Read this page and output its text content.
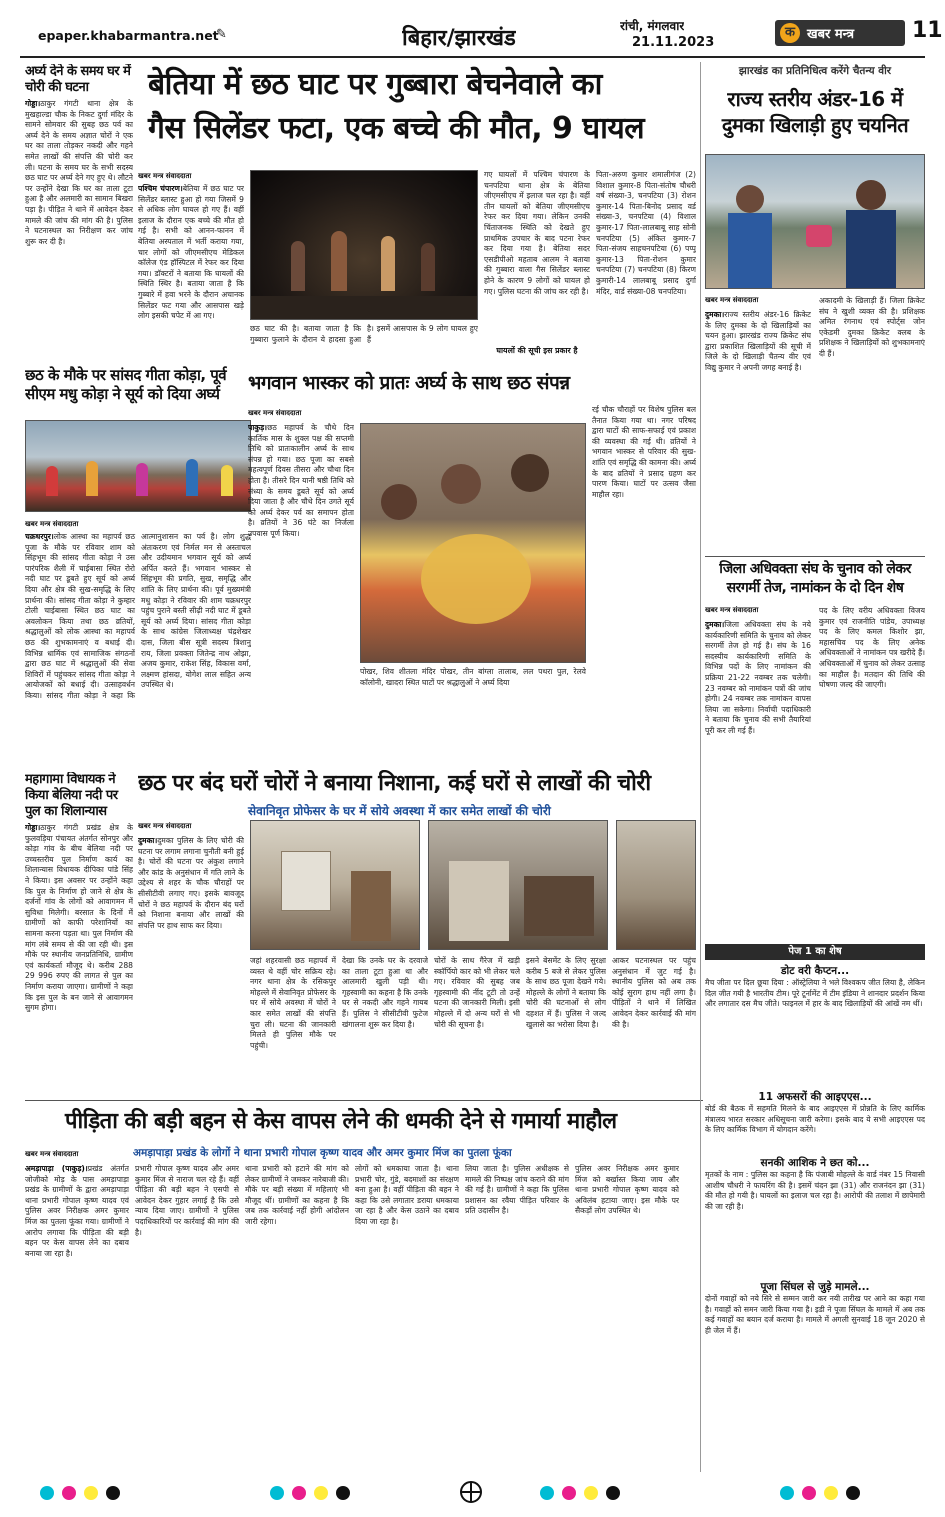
epaper.khabarmantra.net
✎	बिहार/झारखंड	रांची, मंगलवार
21.11.2023
क खबर मन्त्र	11
अर्घ्य देने के समय घर में चोरी की घटना
गोड्डा।ठाकुर गंगटी थाना क्षेत्र के मुखहाल्डा चौक के निकट दुर्गा मंदिर के सामने सोमवार की सुबह छठ पर्व का अर्घ्य देने के समय अज्ञात चोरों ने एक घर का ताला तोड़कर नकदी और गहने समेत लाखों की संपत्ति की चोरी कर ली। घटना के समय घर के सभी सदस्य छठ घाट पर अर्घ्य देने गए हुए थे। लौटने पर उन्होंने देखा कि घर का ताला टूटा हुआ है और अलमारी का सामान बिखरा पड़ा है। पीड़ित ने थाने में आवेदन देकर मामले की जांच की मांग की है। पुलिस ने घटनास्थल का निरीक्षण कर जांच शुरू कर दी है।
छठ के मौके पर सांसद गीता कोड़ा, पूर्व सीएम मधु कोड़ा ने सूर्य को दिया अर्घ्य
खबर मन्त्र संवाददाता
चक्रधरपुर।लोक आस्था का महापर्व छठ पूजा के मौके पर रविवार शाम को सिंहभूम की सांसद गीता कोड़ा ने उस पारंपरिक शैली में चाईबासा स्थित रोरो नदी घाट पर डूबते हुए सूर्य को अर्घ्य दिया और क्षेत्र की सुख-समृद्धि के लिए प्रार्थना की। सांसद गीता कोड़ा ने कुम्हार टोली चाईबासा स्थित छठ घाट का अवलोकन किया तथा छठ व्रतियों, श्रद्धालुओं को लोक आस्था का महापर्व छठ की शुभकामनाएं व बधाई दी। विभिन्न धार्मिक एवं सामाजिक संगठनों द्वारा छठ घाट में श्रद्धालुओं की सेवा शिविरों में पहुंचकर सांसद गीता कोड़ा ने आयोजकों को बधाई दी। उत्साहवर्धन किया। सांसद गीता कोड़ा ने कहा कि आत्मानुशासन का पर्व है। लोग शुद्ध अंतःकरण एवं निर्मल मन से अस्ताचल और उदीयमान भगवान सूर्य को अर्घ्य अर्पित करते हैं। भगवान भास्कर से सिंहभूम की प्रगति, सुख, समृद्धि और शांति के लिए प्रार्थना की। पूर्व मुख्यमंत्री मधु कोड़ा ने रविवार की शाम चक्रधरपुर पहुंच पुराने बस्ती सीढ़ी नदी घाट में डूबते सूर्य को अर्घ्य दिया। सांसद गीता कोड़ा के साथ कांग्रेस जिलाध्यक्ष चंद्रशेखर दास, जिला बीस सूत्री सदस्य त्रिशानु राय, जिला प्रवक्ता जितेन्द्र नाथ ओझा, अजय कुमार, राकेश सिंह, विकास वर्मा, लक्ष्मण हांसदा, योगेश लाल सहित अन्य उपस्थित थे।
महागामा विधायक ने किया बेलिया नदी पर पुल का शिलान्यास
गोड्डा।ठाकुर गंगटी प्रखंड क्षेत्र के फुलवड़िया पंचायत अंतर्गत सोनपुर और कोड़ा गांव के बीच बेलिया नदी पर उच्चस्तरीय पुल निर्माण कार्य का शिलान्यास विधायक दीपिका पांडे सिंह ने किया। इस अवसर पर उन्होंने कहा कि पुल के निर्माण हो जाने से क्षेत्र के दर्जनों गांव के लोगों को आवागमन में सुविधा मिलेगी। बरसात के दिनों में ग्रामीणों को काफी परेशानियों का सामना करना पड़ता था। पुल निर्माण की मांग लंबे समय से की जा रही थी। इस मौके पर स्थानीय जनप्रतिनिधि, ग्रामीण एवं कार्यकर्ता मौजूद थे। करीब 288 29 996 रुपए की लागत से पुल का निर्माण कराया जाएगा। ग्रामीणों ने कहा कि इस पुल के बन जाने से आवागमन सुगम होगा।
बेतिया में छठ घाट पर गुब्बारा बेचनेवाले का
गैस सिलेंडर फटा, एक बच्चे की मौत, 9 घायल
खबर मन्त्र संवाददाता
पश्चिम चंपारण।बेतिया में छठ घाट पर सिलेंडर ब्लास्ट हुआ हो गया जिसमें 9 से अधिक लोग घायल हो गए हैं। वहीं इलाज के दौरान एक बच्चे की मौत हो गई है। सभी को आनन-फानन में बेतिया अस्पताल में भर्ती कराया गया, चार लोगों को जीएमसीएच मेडिकल कॉलेज एंड हॉस्पिटल में रेफर कर दिया गया। डॉक्टरों ने बताया कि घायलों की स्थिति स्थिर है। बताया जाता है कि गुब्बारे में हवा भरने के दौरान अचानक सिलेंडर फट गया और आसपास खड़े लोग इसकी चपेट में आ गए।
छठ घाट की है। बताया जाता है कि गुब्बारा फुलाने के दौरान ये हादसा हुआ है। इसमें आसपास के 9 लोग घायल हुए हैं
गए घायलों में पश्चिम चंपारण के चनपटिया थाना क्षेत्र के बेतिया जीएमसीएच में इलाज चल रहा है। वहीं तीन घायलों को बेतिया जीएमसीएच रेफर कर दिया गया। लेकिन उनकी चिंताजनक स्थिति को देखते हुए प्राथमिक उपचार के बाद पटना रेफर कर दिया गया है। बेतिया सदर एसडीपीओ महताब आलम ने बताया की गुब्बारा वाला गैस सिलेंडर ब्लास्ट होने के कारण 9 लोगों को घायल हो गए। पुलिस घटना की जांच कर रही है।
घायलों की सूची इस प्रकार है
पिता-अरुण कुमार शमालीगंज (2) विशाल कुमार-8 पिता-संतोष चौधरी वर्ष संख्या-3, चनपटिया (3) रोशन कुमार-14 पिता-बिनोद प्रसाद वर्ड संख्या-3, चनपटिया (4) विशाल कुमार-17 पिता-लालबाबू साह सोनी चनपटिया (5) अंकित कुमार-7 पिता-संजय साहचनपटिया (6) पप्पू कुमार-13 पिता-रोशन कुमार चनपटिया (7) चनपटिया (8) किरण कुमारी-14 लालबाबू प्रसाद दुर्गा मंदिर, वार्ड संख्या-08 चनपटिया।
भगवान भास्कर को प्रातः अर्घ्य के साथ छठ संपन्न
खबर मन्त्र संवाददाता
पाकुड़।छठ महापर्व के चौथे दिन कार्तिक मास के शुक्ल पक्ष की सप्तमी तिथि को प्रातःकालीन अर्घ्य के साथ संपन्न हो गया। छठ पूजा का सबसे महत्वपूर्ण दिवस तीसरा और चौथा दिन होता है। तीसरे दिन यानी षष्ठी तिथि को संध्या के समय डूबते सूर्य को अर्घ्य दिया जाता है और चौथे दिन उगते सूर्य को अर्घ्य देकर पर्व का समापन होता है। व्रतियों ने 36 घंटे का निर्जला उपवास पूर्ण किया।
पोखर, शिव शीतला मंदिर पोखर, तीन बांग्ला तालाब, लल पथरा पुल, रेलवे कॉलोनी, खादरा स्थित घाटों पर श्रद्धालुओं ने अर्घ्य दिया
रई चौक चौराहों पर विशेष पुलिस बल तैनात किया गया था। नगर परिषद द्वारा घाटों की साफ-सफाई एवं प्रकाश की व्यवस्था की गई थी। व्रतियों ने भगवान भास्कर से परिवार की सुख-शांति एवं समृद्धि की कामना की। अर्घ्य के बाद व्रतियों ने प्रसाद ग्रहण कर पारण किया। घाटों पर उत्सव जैसा माहौल रहा।
छठ पर बंद घरों चोरों ने बनाया निशाना, कई घरों से लाखों की चोरी
सेवानिवृत प्रोफेसर के घर में सोये अवस्था में कार समेत लाखों की चोरी
खबर मन्त्र संवाददाता
दुमका।दुमका पुलिस के लिए चोरी की घटना पर लगाम लगाना चुनौती बनी हुई है। चोरों की घटना पर अंकुश लगाने और कांड के अनुसंधान में गति लाने के उद्देश्य से शहर के चौक चौराहों पर सीसीटीवी लगाए गए। इसके बावजूद चोरों ने छठ महापर्व के दौरान बंद घरों को निशाना बनाया और लाखों की संपत्ति पर हाथ साफ कर दिया।
जहां शहरवासी छठ महापर्व में व्यस्त थे वहीं चोर सक्रिय रहे। नगर थाना क्षेत्र के रसिकपुर मोहल्ले में सेवानिवृत प्रोफेसर के घर में सोये अवस्था में चोरों ने कार समेत लाखों की संपत्ति चुरा ली। घटना की जानकारी मिलते ही पुलिस मौके पर पहुंची।
देखा कि उनके घर के दरवाजे का ताला टूटा हुआ था और आलमारी खुली पड़ी थी। गृहस्वामी का कहना है कि उनके घर से नकदी और गहने गायब हैं। पुलिस ने सीसीटीवी फुटेज खंगालना शुरू कर दिया है।
चोरों के साथ गैरेज में खड़ी स्कॉर्पियो कार को भी लेकर चले गए। रविवार की सुबह जब गृहस्वामी की नींद टूटी तो उन्हें घटना की जानकारी मिली। इसी मोहल्ले में दो अन्य घरों से भी चोरी की सूचना है।
इसने बेसमेंट के लिए सुरक्षा करीब 5 बजे से लेकर पुलिस के साथ छठ पूजा देखने गये। मोहल्ले के लोगों ने बताया कि चोरी की घटनाओं से लोग दहशत में हैं। पुलिस ने जल्द खुलासे का भरोसा दिया है।
आकर घटनास्थल पर पहुंच अनुसंधान में जुट गई है। स्थानीय पुलिस को अब तक कोई सुराग हाथ नहीं लगा है। पीड़ितों ने थाने में लिखित आवेदन देकर कार्रवाई की मांग की है।
पीड़िता की बड़ी बहन से केस वापस लेने की धमकी देने से गमार्या माहौल
अमड़ापाड़ा प्रखंड के लोगों ने थाना प्रभारी गोपाल कृष्ण यादव और अमर कुमार मिंज का पुतला फूंका
खबर मन्त्र संवाददाता
अमड़ापाड़ा (पाकुड़)।प्रखंड अंतर्गत जोजीको मोड़ के पास अमड़ापाड़ा प्रखंड के ग्रामीणों के द्वारा अमड़ापाड़ा थाना प्रभारी गोपाल कृष्ण यादव एवं पुलिस अवर निरीक्षक अमर कुमार मिंज का पुतला फूंका गया। ग्रामीणों ने आरोप लगाया कि पीड़िता की बड़ी बहन पर केस वापस लेने का दबाव बनाया जा रहा है।
प्रभारी गोपाल कृष्ण यादव और अमर कुमार मिंज से नाराज चल रहे हैं। वहीं पीड़िता की बड़ी बहन ने एसपी से आवेदन देकर गुहार लगाई है कि उसे न्याय दिया जाए। ग्रामीणों ने पुलिस पदाधिकारियों पर कार्रवाई की मांग की है।
थाना प्रभारी को हटाने की मांग को लेकर ग्रामीणों ने जमकर नारेबाजी की। मौके पर बड़ी संख्या में महिलाएं भी मौजूद थीं। ग्रामीणों का कहना है कि जब तक कार्रवाई नहीं होगी आंदोलन जारी रहेगा।
लोगों को धमकाया जाता है। थाना प्रभारी चोर, गुंडे, बदमाशों का संरक्षण बना हुआ है। वहीं पीड़िता की बहन ने कहा कि उसे लगातार डराया धमकाया जा रहा है और केस उठाने का दबाव दिया जा रहा है।
लिया जाता है। पुलिस अधीक्षक से मामले की निष्पक्ष जांच कराने की मांग की गई है। ग्रामीणों ने कहा कि पुलिस प्रशासन का रवैया पीड़ित परिवार के प्रति उदासीन है।
पुलिस अवर निरीक्षक अमर कुमार मिंज को बर्खास्त किया जाय और थाना प्रभारी गोपाल कृष्ण यादव को अविलंब हटाया जाए। इस मौके पर सैकड़ों लोग उपस्थित थे।
झारखंड का प्रतिनिधित्व करेंगे चैतन्य वीर
राज्य स्तरीय अंडर-16 में दुमका खिलाड़ी हुए चयनित
खबर मन्त्र संवाददाता
दुमका।राज्य स्तरीय अंडर-16 क्रिकेट के लिए दुमका के दो खिलाड़ियों का चयन हुआ। झारखंड राज्य क्रिकेट संघ द्वारा प्रकाशित खिलाड़ियों की सूची में जिले के दो खिलाड़ी चैतन्य वीर एवं विद्यु कुमार ने अपनी जगह बनाई है।
अकादमी के खिलाड़ी हैं। जिला क्रिकेट संघ ने खुशी व्यक्त की है। प्रशिक्षक अमित रंगनाथ एवं स्पोर्ट्स जोन एकेडमी दुमका क्रिकेट क्लब के प्रशिक्षक ने खिलाड़ियों को शुभकामनाएं दी हैं।
जिला अधिवक्ता संघ के चुनाव को लेकर सरगर्मी तेज, नामांकन के दो दिन शेष
खबर मन्त्र संवाददाता
दुमका।जिला अधिवक्ता संघ के नये कार्यकारिणी समिति के चुनाव को लेकर सरगर्मी तेज हो गई है। संघ के 16 सदस्यीय कार्यकारिणी समिति के विभिन्न पदों के लिए नामांकन की प्रक्रिया 21-22 नवम्बर तक चलेगी। 23 नवम्बर को नामांकन पत्रों की जांच होगी। 24 नवम्बर तक नामांकन वापस लिया जा सकेगा। निर्वाची पदाधिकारी ने बताया कि चुनाव की सभी तैयारियां पूरी कर ली गई हैं।
पद के लिए वरीय अधिवक्ता विजय कुमार एवं राजनीति पांडेय, उपाध्यक्ष पद के लिए कमल किशोर झा, महासचिव पद के लिए अनेक अधिवक्ताओं ने नामांकन पत्र खरीदे हैं। अधिवक्ताओं में चुनाव को लेकर उत्साह का माहौल है। मतदान की तिथि की घोषणा जल्द की जाएगी।
पेज 1 का शेष
डोट वरी कैप्टन...
मैच जीता पर दिल छूया दिया : ऑस्ट्रेलिया ने भले विश्वकप जीत लिया है, लेकिन दिल जीत गयी है भारतीय टीम। पूरे टूर्नामेंट में टीम इंडिया ने शानदार प्रदर्शन किया और लगातार दस मैच जीते। फाइनल में हार के बाद खिलाड़ियों की आंखें नम थीं।
11 अफसरों की आइएएस...
बोर्ड की बैठक में सहमति मिलने के बाद आइएएस में प्रोन्नति के लिए कार्मिक मंत्रालय भारत सरकार अधिसूचना जारी करेगा। इसके बाद ये सभी आइएएस पद के लिए कार्मिक विभाग में योगदान करेंगे।
सनकी आशिक ने छत को...
मृतकों के नाम : पुलिस का कहना है कि पंजाबी मोहल्ले के वार्ड नंबर 15 निवासी आशीष चौधरी ने फायरिंग की है। इसमें चंदन झा (31) और राजनंदन झा (31) की मौत हो गयी है। घायलों का इलाज चल रहा है। आरोपी की तलाश में छापेमारी की जा रही है।
पूजा सिंघल से जुड़े मामले...
दोनों गवाहों को नये सिरे से सम्मन जारी कर नयी तारीख पर आने का कहा गया है। गवाहों को समन जारी किया गया है। इडी ने पूजा सिंघल के मामले में अब तक कई गवाहों का बयान दर्ज कराया है। मामले में अगली सुनवाई 18 जून 2020 से ही जेल में हैं।
